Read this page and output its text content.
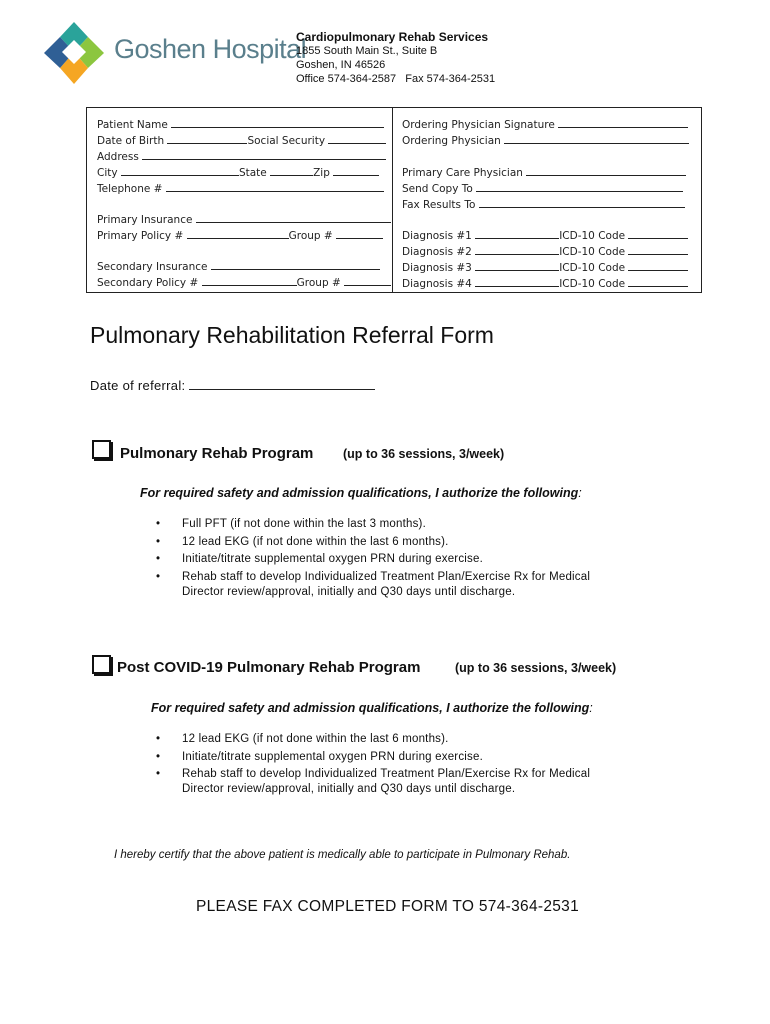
Goshen Hospital
Cardiopulmonary Rehab Services
1855 South Main St., Suite B
Goshen, IN 46526
Office 574-364-2587   Fax 574-364-2531
Patient Name
Date of Birth	Social Security
Address
City	State	Zip
Telephone #
Primary Insurance
Primary Policy #	Group #
Secondary Insurance
Secondary Policy #	Group #
Ordering Physician Signature
Ordering Physician
Primary Care Physician
Send Copy To
Fax Results To
Diagnosis #1	ICD-10 Code
Diagnosis #2	ICD-10 Code
Diagnosis #3	ICD-10 Code
Diagnosis #4	ICD-10 Code
Pulmonary Rehabilitation Referral Form
Date of referral:
Pulmonary Rehab Program (up to 36 sessions, 3/week)
For required safety and admission qualifications, I authorize the following:
• Full PFT (if not done within the last 3 months).
• 12 lead EKG (if not done within the last 6 months).
• Initiate/titrate supplemental oxygen PRN during exercise.
• Rehab staff to develop Individualized Treatment Plan/Exercise Rx for Medical
Director review/approval, initially and Q30 days until discharge.
Post COVID-19 Pulmonary Rehab Program	(up to 36 sessions, 3/week)
For required safety and admission qualifications, I authorize the following:
• 12 lead EKG (if not done within the last 6 months).
• Initiate/titrate supplemental oxygen PRN during exercise.
• Rehab staff to develop Individualized Treatment Plan/Exercise Rx for Medical
Director review/approval, initially and Q30 days until discharge.
I hereby certify that the above patient is medically able to participate in Pulmonary Rehab.
PLEASE FAX COMPLETED FORM TO 574-364-2531
